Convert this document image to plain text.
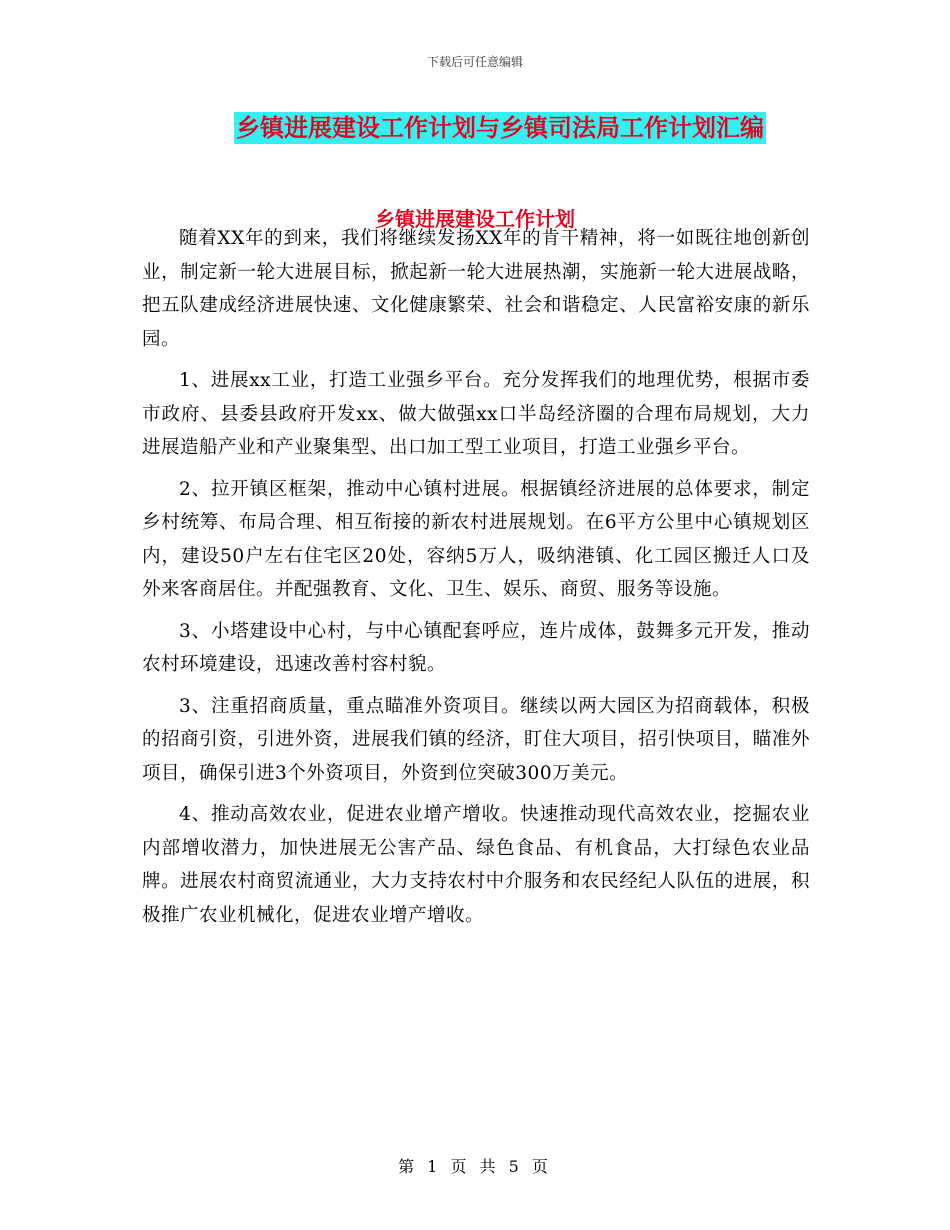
下载后可任意编辑
乡镇进展建设工作计划与乡镇司法局工作计划汇编
乡镇进展建设工作计划

随着XX年的到来，我们将继续发扬XX年的肯干精神，将一如既往地创新创业，制定新一轮大进展目标，掀起新一轮大进展热潮，实施新一轮大进展战略，把五队建成经济进展快速、文化健康繁荣、社会和谐稳定、人民富裕安康的新乐园。

1、进展xx工业，打造工业强乡平台。充分发挥我们的地理优势，根据市委市政府、县委县政府开发xx、做大做强xx口半岛经济圈的合理布局规划，大力进展造船产业和产业聚集型、出口加工型工业项目，打造工业强乡平台。

2、拉开镇区框架，推动中心镇村进展。根据镇经济进展的总体要求，制定乡村统筹、布局合理、相互衔接的新农村进展规划。在6平方公里中心镇规划区内，建设50户左右住宅区20处，容纳5万人，吸纳港镇、化工园区搬迁人口及外来客商居住。并配强教育、文化、卫生、娱乐、商贸、服务等设施。

3、小塔建设中心村，与中心镇配套呼应，连片成体，鼓舞多元开发，推动农村环境建设，迅速改善村容村貌。

3、注重招商质量，重点瞄准外资项目。继续以两大园区为招商载体，积极的招商引资，引进外资，进展我们镇的经济，盯住大项目，招引快项目，瞄准外项目，确保引进3个外资项目，外资到位突破300万美元。

4、推动高效农业，促进农业增产增收。快速推动现代高效农业，挖掘农业内部增收潜力，加快进展无公害产品、绿色食品、有机食品，大打绿色农业品牌。进展农村商贸流通业，大力支持农村中介服务和农民经纪人队伍的进展，积极推广农业机械化，促进农业增产增收。

第 1 页 共 5 页
